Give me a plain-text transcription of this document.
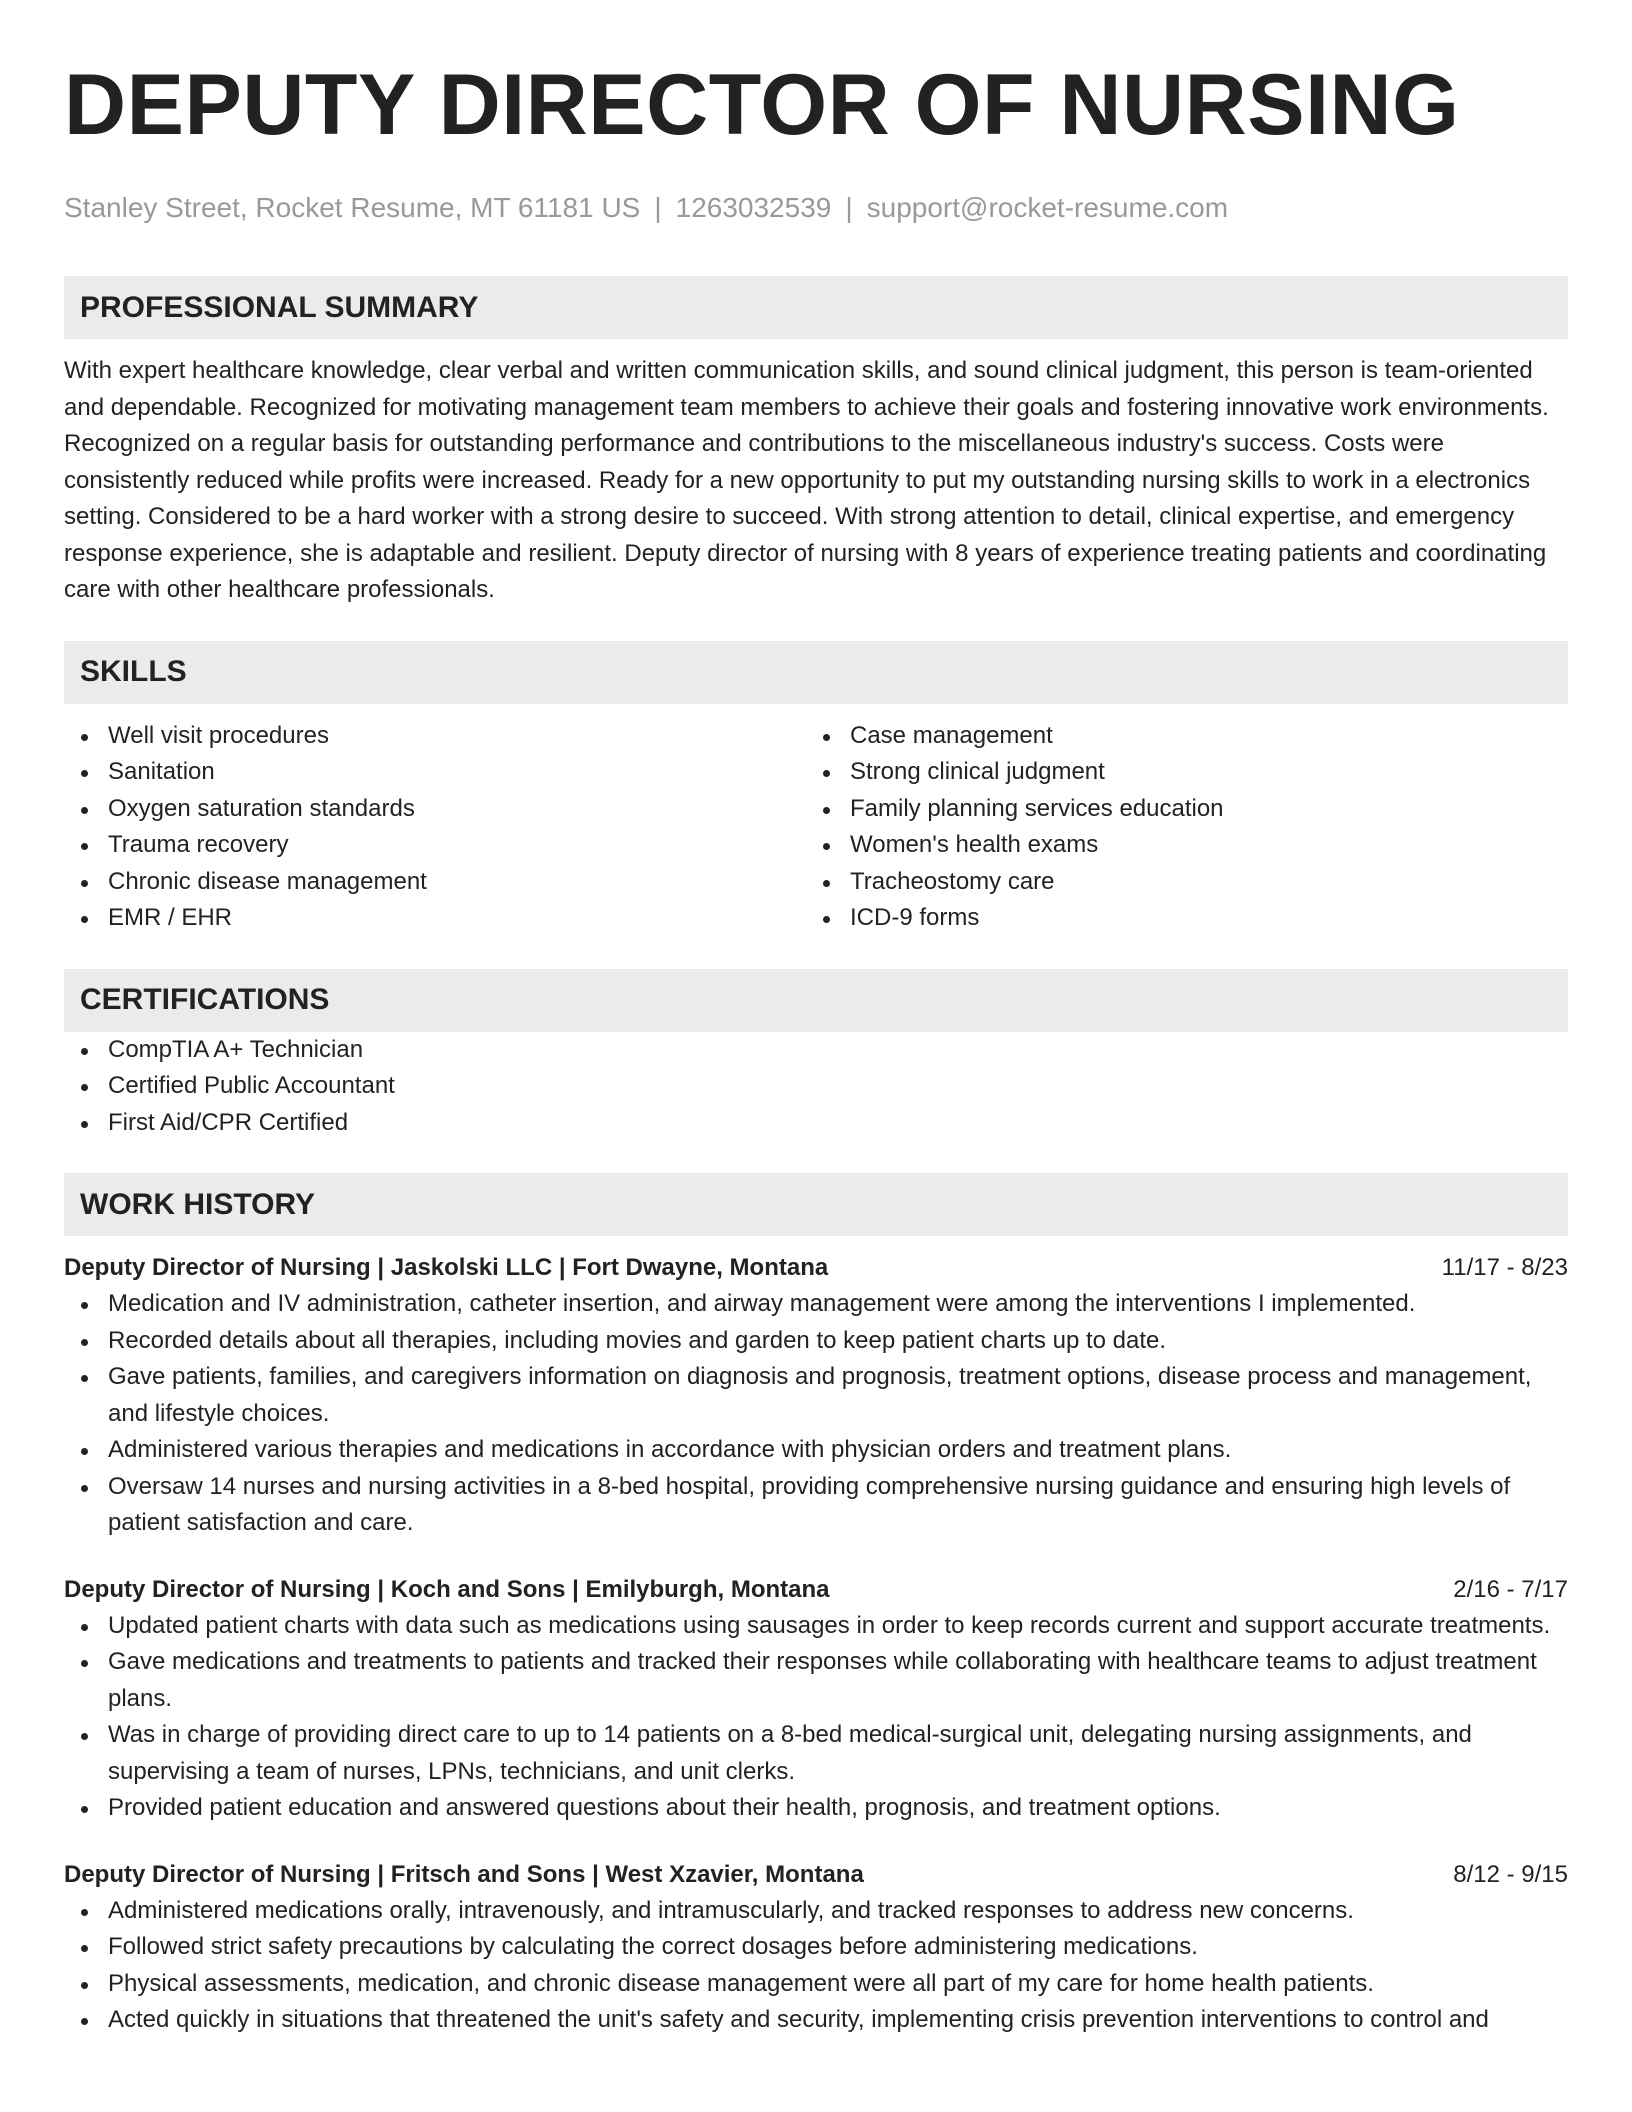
DEPUTY DIRECTOR OF NURSING
Stanley Street, Rocket Resume, MT 61181 US | 1263032539 | support@rocket-resume.com
PROFESSIONAL SUMMARY

With expert healthcare knowledge, clear verbal and written communication skills, and sound clinical judgment, this person is team-oriented and dependable. Recognized for motivating management team members to achieve their goals and fostering innovative work environments. Recognized on a regular basis for outstanding performance and contributions to the miscellaneous industry's success. Costs were consistently reduced while profits were increased. Ready for a new opportunity to put my outstanding nursing skills to work in a electronics setting. Considered to be a hard worker with a strong desire to succeed. With strong attention to detail, clinical expertise, and emergency response experience, she is adaptable and resilient. Deputy director of nursing with 8 years of experience treating patients and coordinating care with other healthcare professionals.

SKILLS
Well visit procedures
Sanitation
Oxygen saturation standards
Trauma recovery
Chronic disease management
EMR / EHR
Case management
Strong clinical judgment
Family planning services education
Women's health exams
Tracheostomy care
ICD-9 forms
CERTIFICATIONS
CompTIA A+ Technician
Certified Public Accountant
First Aid/CPR Certified
WORK HISTORY
Deputy Director of Nursing | Jaskolski LLC | Fort Dwayne, Montana	11/17 - 8/23
Medication and IV administration, catheter insertion, and airway management were among the interventions I implemented.
Recorded details about all therapies, including movies and garden to keep patient charts up to date.
Gave patients, families, and caregivers information on diagnosis and prognosis, treatment options, disease process and management, and lifestyle choices.
Administered various therapies and medications in accordance with physician orders and treatment plans.
Oversaw 14 nurses and nursing activities in a 8-bed hospital, providing comprehensive nursing guidance and ensuring high levels of patient satisfaction and care.
Deputy Director of Nursing | Koch and Sons | Emilyburgh, Montana	2/16 - 7/17
Updated patient charts with data such as medications using sausages in order to keep records current and support accurate treatments.
Gave medications and treatments to patients and tracked their responses while collaborating with healthcare teams to adjust treatment plans.
Was in charge of providing direct care to up to 14 patients on a 8-bed medical-surgical unit, delegating nursing assignments, and supervising a team of nurses, LPNs, technicians, and unit clerks.
Provided patient education and answered questions about their health, prognosis, and treatment options.
Deputy Director of Nursing | Fritsch and Sons | West Xzavier, Montana	8/12 - 9/15
Administered medications orally, intravenously, and intramuscularly, and tracked responses to address new concerns.
Followed strict safety precautions by calculating the correct dosages before administering medications.
Physical assessments, medication, and chronic disease management were all part of my care for home health patients.
Acted quickly in situations that threatened the unit's safety and security, implementing crisis prevention interventions to control and
